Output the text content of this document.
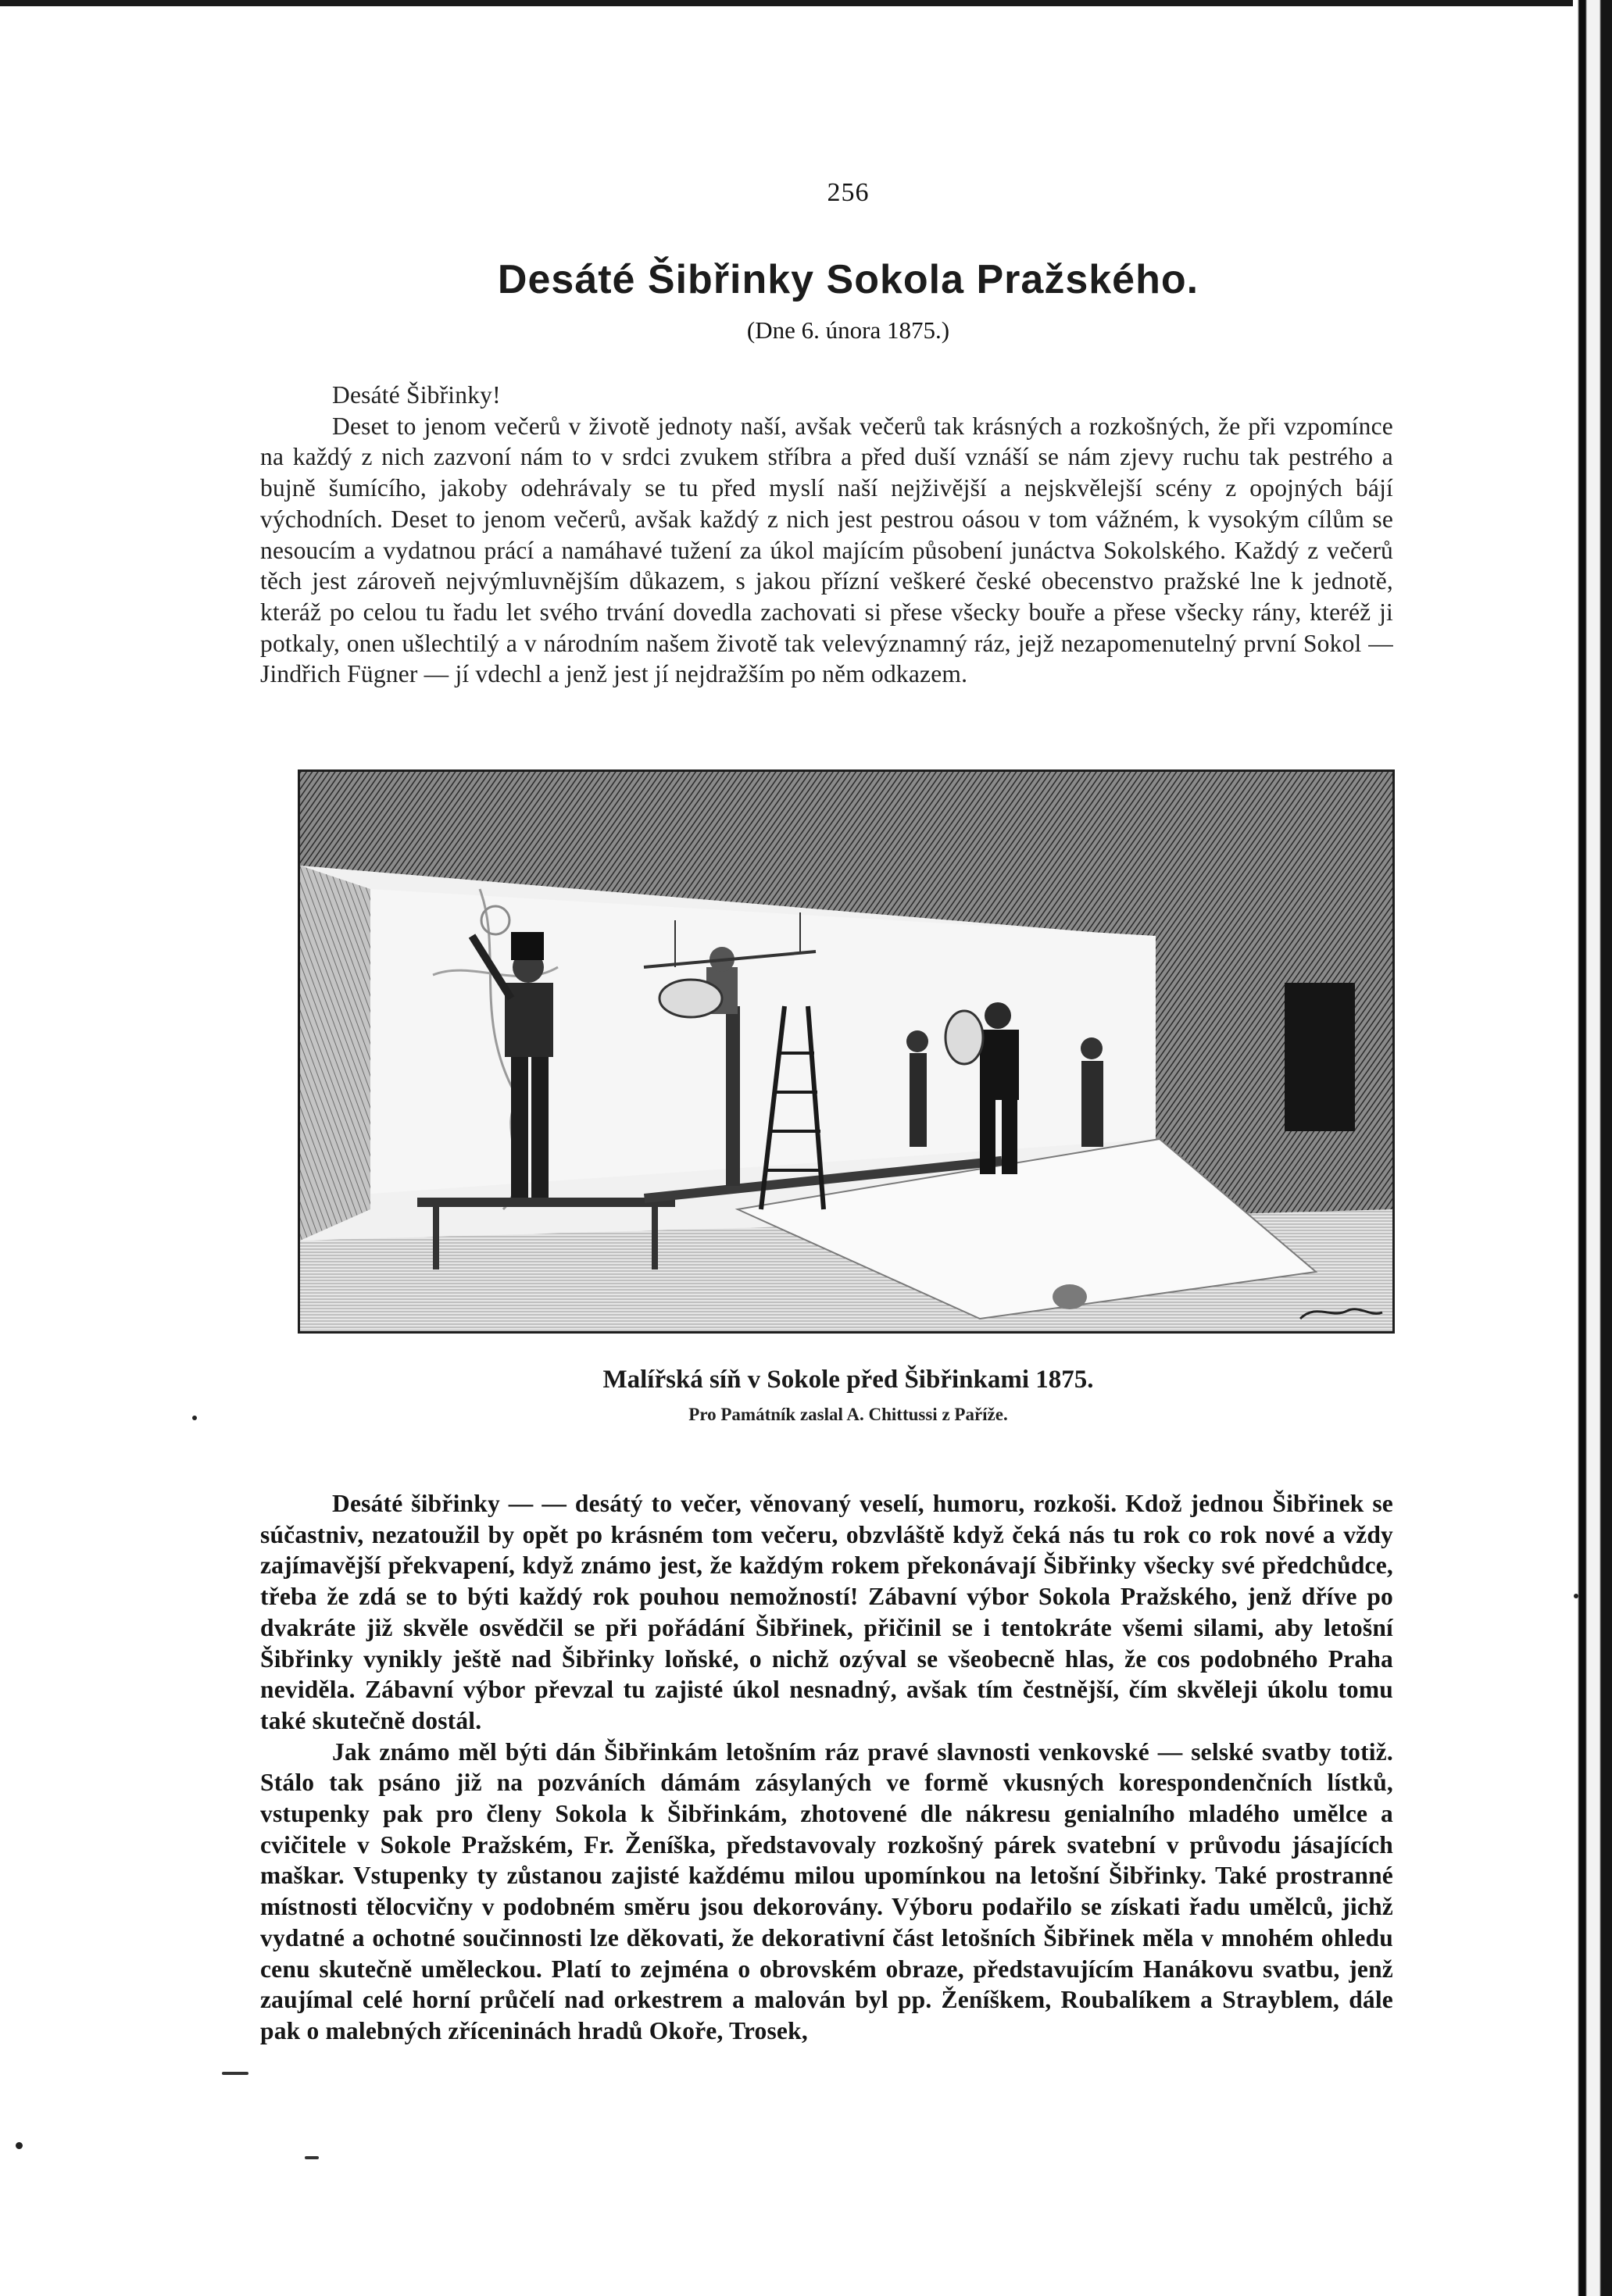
256
Desáté Šibřinky Sokola Pražského.
(Dne 6. února 1875.)

Desáté Šibřinky!

Deset to jenom večerů v životě jednoty naší, avšak večerů tak krásných a rozkošných, že při vzpomínce na každý z nich zazvoní nám to v srdci zvukem stříbra a před duší vznáší se nám zjevy ruchu tak pestrého a bujně šumícího, jakoby odehrávaly se tu před myslí naší nejživější a nejskvělejší scény z opojných bájí východních. Deset to jenom večerů, avšak každý z nich jest pestrou oásou v tom vážném, k vysokým cílům se nesoucím a vydatnou prácí a namáhavé tužení za úkol majícím působení junáctva Sokolského. Každý z večerů těch jest zároveň nejvýmluvnějším důkazem, s jakou přízní veškeré české obecenstvo pražské lne k jednotě, kteráž po celou tu řadu let svého trvání dovedla zachovati si přese všecky bouře a přese všecky rány, kteréž ji potkaly, onen ušlechtilý a v národním našem životě tak velevýznamný ráz, jejž nezapomenutelný první Sokol — Jindřich Fügner — jí vdechl a jenž jest jí nejdražším po něm odkazem.

Malířská síň v Sokole před Šibřinkami 1875.
Pro Památník zaslal A. Chittussi z Paříže.

Desáté šibřinky — — desátý to večer, věnovaný veselí, humoru, rozkoši. Kdož jednou Šibřinek se súčastniv, nezatoužil by opět po krásném tom večeru, obzvláště když čeká nás tu rok co rok nové a vždy zajímavější překvapení, když známo jest, že každým rokem překonávají Šibřinky všecky své předchůdce, třeba že zdá se to býti každý rok pouhou nemožností! Zábavní výbor Sokola Pražského, jenž dříve po dvakráte již skvěle osvědčil se při pořádání Šibřinek, přičinil se i tentokráte všemi silami, aby letošní Šibřinky vynikly ještě nad Šibřinky loňské, o nichž ozýval se všeobecně hlas, že cos podobného Praha neviděla. Zábavní výbor převzal tu zajisté úkol nesnadný, avšak tím čestnější, čím skvěleji úkolu tomu také skutečně dostál.

Jak známo měl býti dán Šibřinkám letošním ráz pravé slavnosti venkovské — selské svatby totiž. Stálo tak psáno již na pozváních dámám zásylaných ve formě vkusných korespondenčních lístků, vstupenky pak pro členy Sokola k Šibřinkám, zhotovené dle nákresu genialního mladého umělce a cvičitele v Sokole Pražském, Fr. Ženíška, představovaly rozkošný párek svatební v průvodu jásajících maškar. Vstupenky ty zůstanou zajisté každému milou upomínkou na letošní Šibřinky. Také prostranné místnosti tělocvičny v podobném směru jsou dekorovány. Výboru podařilo se získati řadu umělců, jichž vydatné a ochotné součinnosti lze děkovati, že dekorativní část letošních Šibřinek měla v mnohém ohledu cenu skutečně uměleckou. Platí to zejména o obrovském obraze, představujícím Hanákovu svatbu, jenž zaujímal celé horní průčelí nad orkestrem a malován byl pp. Ženíškem, Roubalíkem a Strayblem, dále pak o malebných zříceninách hradů Okoře, Trosek,
